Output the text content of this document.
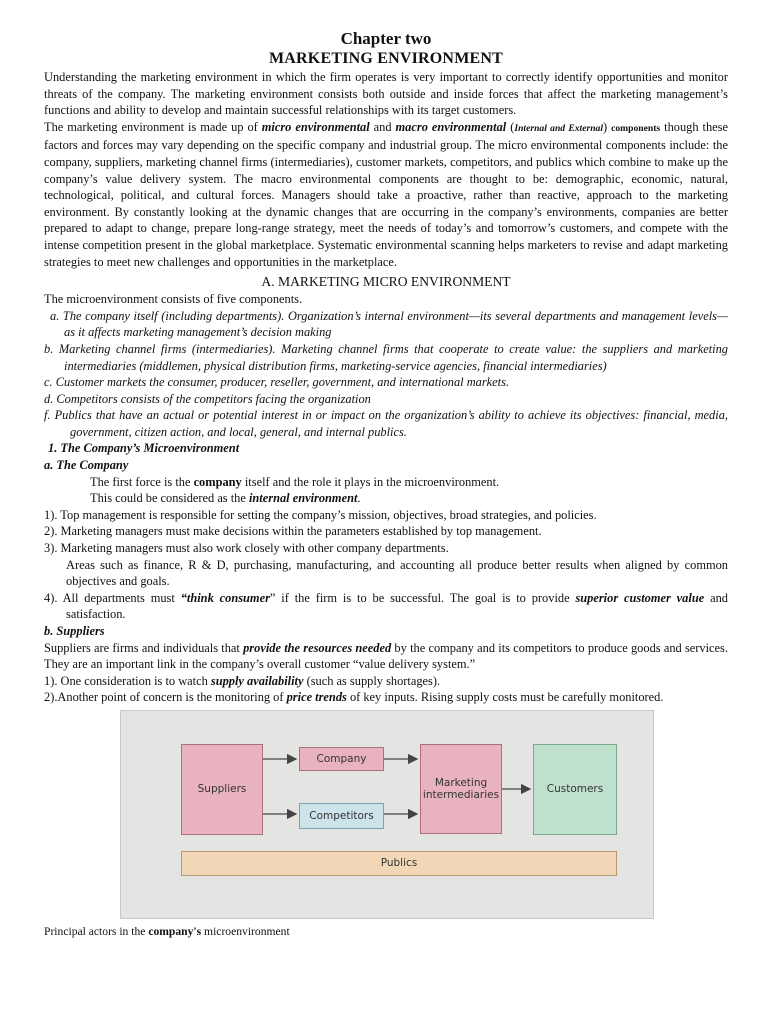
Chapter two
MARKETING ENVIRONMENT

Understanding the marketing environment in which the firm operates is very important to correctly identify opportunities and monitor threats of the company. The marketing environment consists both outside and inside forces that affect the marketing management’s functions and ability to develop and maintain successful relationships with its target customers.

The marketing environment is made up of micro environmental and macro environmental (Internal and External) components though these factors and forces may vary depending on the specific company and industrial group. The micro environmental components include: the company, suppliers, marketing channel firms (intermediaries), customer markets, competitors, and publics which combine to make up the company’s value delivery system. The macro environmental components are thought to be: demographic, economic, natural, technological, political, and cultural forces. Managers should take a proactive, rather than reactive, approach to the marketing environment. By constantly looking at the dynamic changes that are occurring in the company’s environments, companies are better prepared to adapt to change, prepare long-range strategy, meet the needs of today’s and tomorrow’s customers, and compete with the intense competition present in the global marketplace. Systematic environmental scanning helps marketers to revise and adapt marketing strategies to meet new challenges and opportunities in the marketplace.

A. MARKETING MICRO ENVIRONMENT

The microenvironment consists of five components.

a. The company itself (including departments). Organization’s internal environment—its several departments and management levels—as it affects marketing management’s decision making

b. Marketing channel firms (intermediaries). Marketing channel firms that cooperate to create value: the suppliers and marketing intermediaries (middlemen, physical distribution firms, marketing-service agencies, financial intermediaries)

c. Customer markets the consumer, producer, reseller, government, and international markets.

d. Competitors consists of the competitors facing the organization

f. Publics that have an actual or potential interest in or impact on the organization’s ability to achieve its objectives: financial, media, government, citizen action, and local, general, and internal publics.

1. The Company’s Microenvironment

a. The Company

The first force is the company itself and the role it plays in the microenvironment.

This could be considered as the internal environment.

1). Top management is responsible for setting the company’s mission, objectives, broad strategies, and policies.

2). Marketing managers must make decisions within the parameters established by top management.

3). Marketing managers must also work closely with other company departments.

Areas such as finance, R & D, purchasing, manufacturing, and accounting all produce better results when aligned by common objectives and goals.

4). All departments must “think consumer” if the firm is to be successful. The goal is to provide superior customer value and satisfaction.

b. Suppliers

Suppliers are firms and individuals that provide the resources needed by the company and its competitors to produce goods and services. They are an important link in the company’s overall customer “value delivery system.”

1). One consideration is to watch supply availability (such as supply shortages).

2).Another point of concern is the monitoring of price trends of key inputs. Rising supply costs must be carefully monitored.

Suppliers
Company
Competitors
Marketing intermediaries	Customers
Publics

Principal actors in the company's microenvironment
